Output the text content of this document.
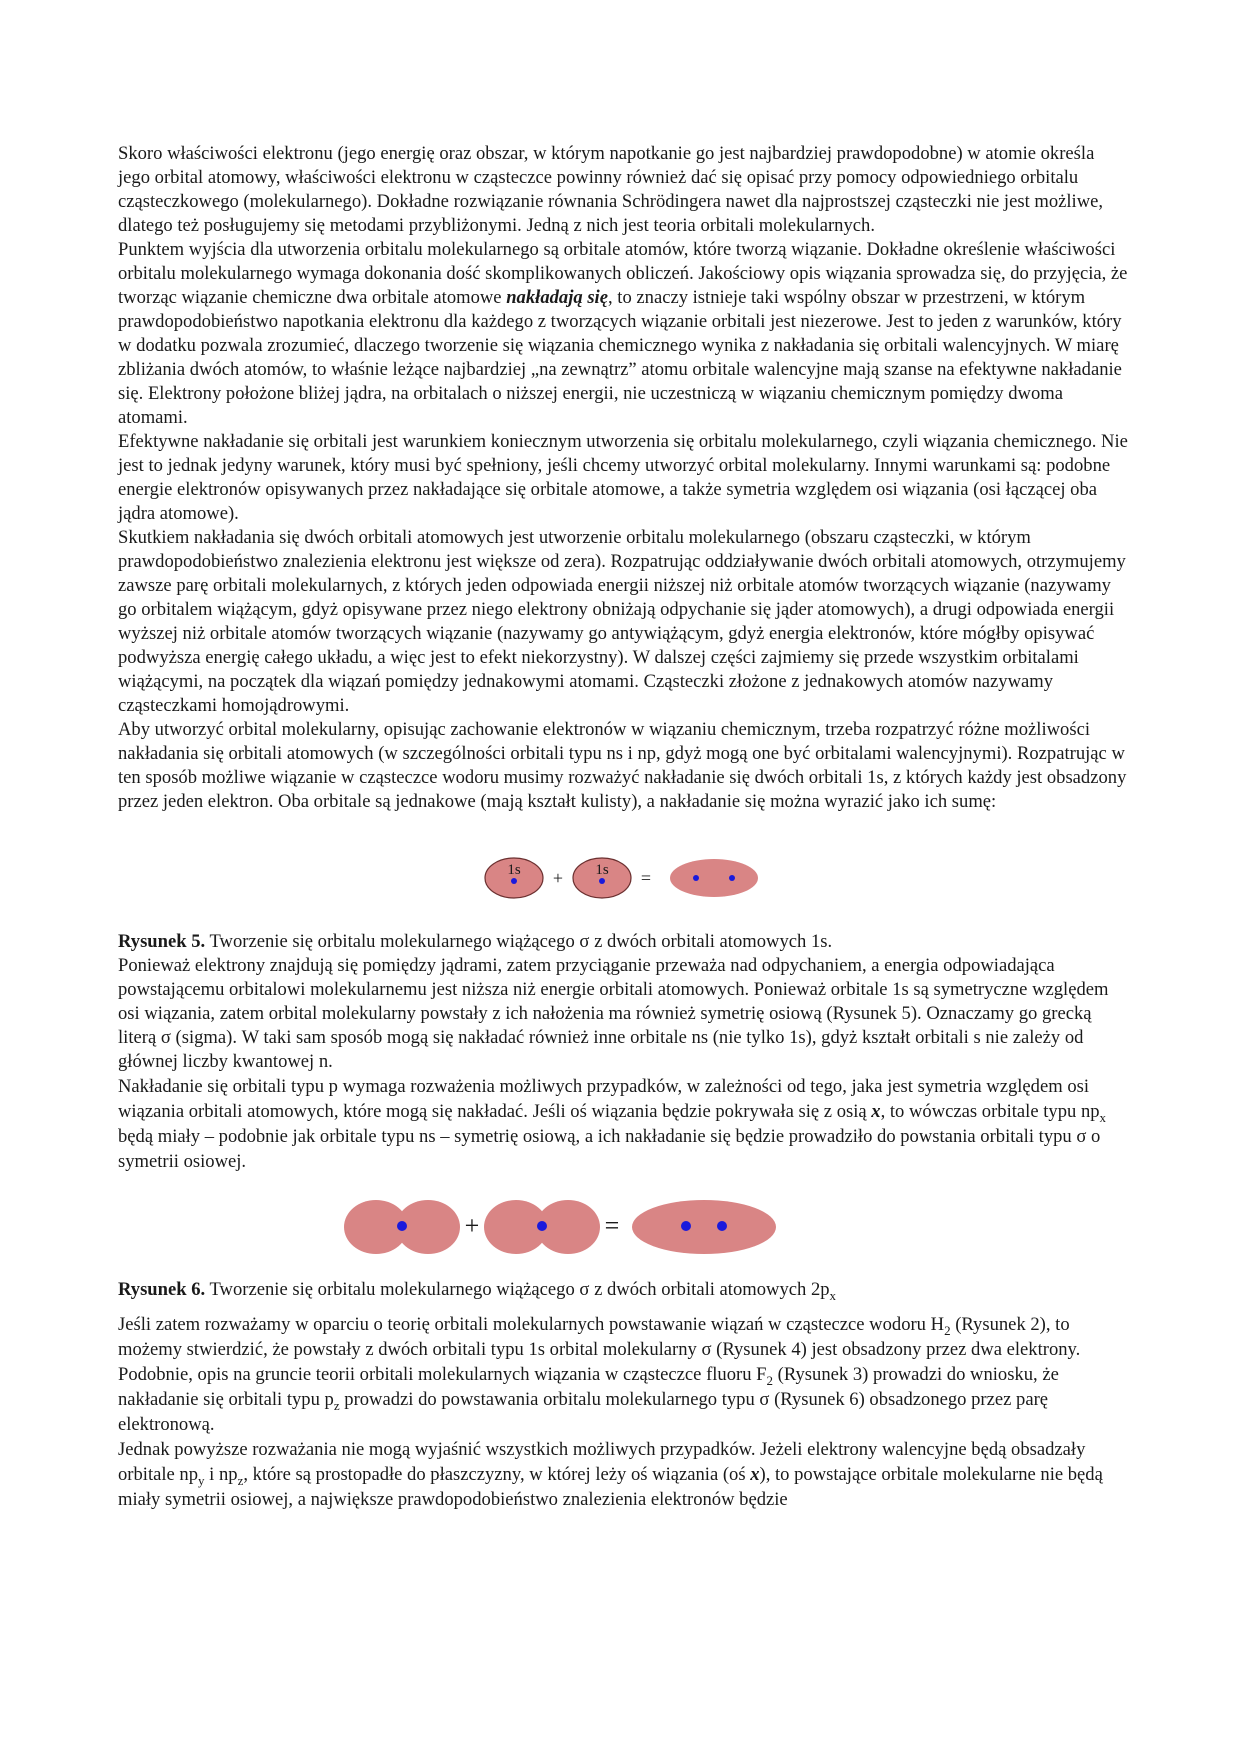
Skoro właściwości elektronu (jego energię oraz obszar, w którym napotkanie go jest najbardziej prawdopodobne) w atomie określa jego orbital atomowy, właściwości elektronu w cząsteczce powinny również dać się opisać przy pomocy odpowiedniego orbitalu cząsteczkowego (molekularnego). Dokładne rozwiązanie równania Schrödingera nawet dla najprostszej cząsteczki nie jest możliwe, dlatego też posługujemy się metodami przybliżonymi. Jedną z nich jest teoria orbitali molekularnych.

Punktem wyjścia dla utworzenia orbitalu molekularnego są orbitale atomów, które tworzą wiązanie. Dokładne określenie właściwości orbitalu molekularnego wymaga dokonania dość skomplikowanych obliczeń. Jakościowy opis wiązania sprowadza się, do przyjęcia, że tworząc wiązanie chemiczne dwa orbitale atomowe nakładają się, to znaczy istnieje taki wspólny obszar w przestrzeni, w którym prawdopodobieństwo napotkania elektronu dla każdego z tworzących wiązanie orbitali jest niezerowe. Jest to jeden z warunków, który w dodatku pozwala zrozumieć, dlaczego tworzenie się wiązania chemicznego wynika z nakładania się orbitali walencyjnych. W miarę zbliżania dwóch atomów, to właśnie leżące najbardziej „na zewnątrz” atomu orbitale walencyjne mają szanse na efektywne nakładanie się. Elektrony położone bliżej jądra, na orbitalach o niższej energii, nie uczestniczą w wiązaniu chemicznym pomiędzy dwoma atomami.

Efektywne nakładanie się orbitali jest warunkiem koniecznym utworzenia się orbitalu molekularnego, czyli wiązania chemicznego. Nie jest to jednak jedyny warunek, który musi być spełniony, jeśli chcemy utworzyć orbital molekularny. Innymi warunkami są: podobne energie elektronów opisywanych przez nakładające się orbitale atomowe, a także symetria względem osi wiązania (osi łączącej oba jądra atomowe).

Skutkiem nakładania się dwóch orbitali atomowych jest utworzenie orbitalu molekularnego (obszaru cząsteczki, w którym prawdopodobieństwo znalezienia elektronu jest większe od zera). Rozpatrując oddziaływanie dwóch orbitali atomowych, otrzymujemy zawsze parę orbitali molekularnych, z których jeden odpowiada energii niższej niż orbitale atomów tworzących wiązanie (nazywamy go orbitalem wiążącym, gdyż opisywane przez niego elektrony obniżają odpychanie się jąder atomowych), a drugi odpowiada energii wyższej niż orbitale atomów tworzących wiązanie (nazywamy go antywiążącym, gdyż energia elektronów, które mógłby opisywać podwyższa energię całego układu, a więc jest to efekt niekorzystny). W dalszej części zajmiemy się przede wszystkim orbitalami wiążącymi, na początek dla wiązań pomiędzy jednakowymi atomami. Cząsteczki złożone z jednakowych atomów nazywamy cząsteczkami homojądrowymi.

Aby utworzyć orbital molekularny, opisując zachowanie elektronów w wiązaniu chemicznym, trzeba rozpatrzyć różne możliwości nakładania się orbitali atomowych (w szczególności orbitali typu ns i np, gdyż mogą one być orbitalami walencyjnymi). Rozpatrując w ten sposób możliwe wiązanie w cząsteczce wodoru musimy rozważyć nakładanie się dwóch orbitali 1s, z których każdy jest obsadzony przez jeden elektron. Oba orbitale są jednakowe (mają kształt kulisty), a nakładanie się można wyrazić jako ich sumę:

1s + 1s =

Rysunek 5. Tworzenie się orbitalu molekularnego wiążącego σ z dwóch orbitali atomowych 1s.

Ponieważ elektrony znajdują się pomiędzy jądrami, zatem przyciąganie przeważa nad odpychaniem, a energia odpowiadająca powstającemu orbitalowi molekularnemu jest niższa niż energie orbitali atomowych. Ponieważ orbitale 1s są symetryczne względem osi wiązania, zatem orbital molekularny powstały z ich nałożenia ma również symetrię osiową (Rysunek 5). Oznaczamy go grecką literą σ (sigma). W taki sam sposób mogą się nakładać również inne orbitale ns (nie tylko 1s), gdyż kształt orbitali s nie zależy od głównej liczby kwantowej n.

Nakładanie się orbitali typu p wymaga rozważenia możliwych przypadków, w zależności od tego, jaka jest symetria względem osi wiązania orbitali atomowych, które mogą się nakładać. Jeśli oś wiązania będzie pokrywała się z osią x, to wówczas orbitale typu $np_x$ będą miały – podobnie jak orbitale typu ns – symetrię osiową, a ich nakładanie się będzie prowadziło do powstania orbitali typu σ o symetrii osiowej.

+	=

Rysunek 6. Tworzenie się orbitalu molekularnego wiążącego σ z dwóch orbitali atomowych $2p_x$

Jeśli zatem rozważamy w oparciu o teorię orbitali molekularnych powstawanie wiązań w cząsteczce wodoru $H_2$ (Rysunek 2), to możemy stwierdzić, że powstały z dwóch orbitali typu 1s orbital molekularny σ (Rysunek 4) jest obsadzony przez dwa elektrony. Podobnie, opis na gruncie teorii orbitali molekularnych wiązania w cząsteczce fluoru $F_2$ (Rysunek 3) prowadzi do wniosku, że nakładanie się orbitali typu $p_z$ prowadzi do powstawania orbitalu molekularnego typu σ (Rysunek 6) obsadzonego przez parę elektronową.

Jednak powyższe rozważania nie mogą wyjaśnić wszystkich możliwych przypadków. Jeżeli elektrony walencyjne będą obsadzały orbitale $np_y$ i $np_z$, które są prostopadłe do płaszczyzny, w której leży oś wiązania (oś x), to powstające orbitale molekularne nie będą miały symetrii osiowej, a największe prawdopodobieństwo znalezienia elektronów będzie
